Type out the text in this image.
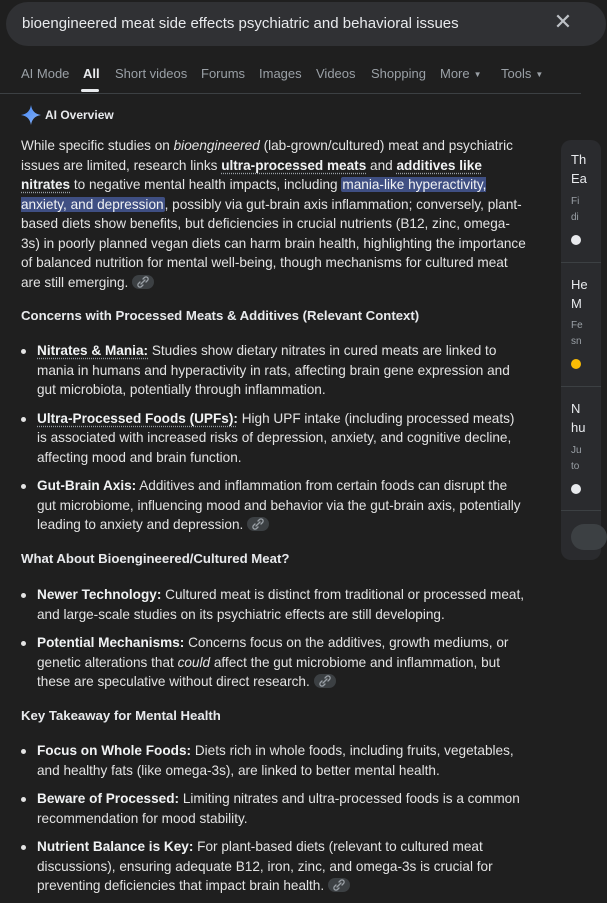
bioengineered meat side effects psychiatric and behavioral issues	✕
AI Mode All Short videos Forums Images Videos Shopping More ▼ Tools ▼
AI Overview

While specific studies on bioengineered (lab-grown/cultured) meat and psychiatric issues are limited, research links ultra-processed meats and additives like nitrates to negative mental health impacts, including mania-like hyperactivity, anxiety, and depression, possibly via gut-brain axis inflammation; conversely, plant-based diets show benefits, but deficiencies in crucial nutrients (B12, zinc, omega-3s) in poorly planned vegan diets can harm brain health, highlighting the importance of balanced nutrition for mental well-being, though mechanisms for cultured meat are still emerging.

Concerns with Processed Meats & Additives (Relevant Context)
Nitrates & Mania: Studies show dietary nitrates in cured meats are linked to mania in humans and hyperactivity in rats, affecting brain gene expression and gut microbiota, potentially through inflammation.
Ultra-Processed Foods (UPFs): High UPF intake (including processed meats) is associated with increased risks of depression, anxiety, and cognitive decline, affecting mood and brain function.
Gut-Brain Axis: Additives and inflammation from certain foods can disrupt the gut microbiome, influencing mood and behavior via the gut-brain axis, potentially leading to anxiety and depression.
What About Bioengineered/Cultured Meat?
Newer Technology: Cultured meat is distinct from traditional or processed meat, and large-scale studies on its psychiatric effects are still developing.
Potential Mechanisms: Concerns focus on the additives, growth mediums, or genetic alterations that could affect the gut microbiome and inflammation, but these are speculative without direct research.
Key Takeaway for Mental Health
Focus on Whole Foods: Diets rich in whole foods, including fruits, vegetables, and healthy fats (like omega-3s), are linked to better mental health.
Beware of Processed: Limiting nitrates and ultra-processed foods is a common recommendation for mood stability.
Nutrient Balance is Key: For plant-based diets (relevant to cultured meat discussions), ensuring adequate B12, iron, zinc, and omega-3s is crucial for preventing deficiencies that impact brain health.
Th
Ea
Fi
di
He
M
Fe
sn
N
hu
Ju
to
